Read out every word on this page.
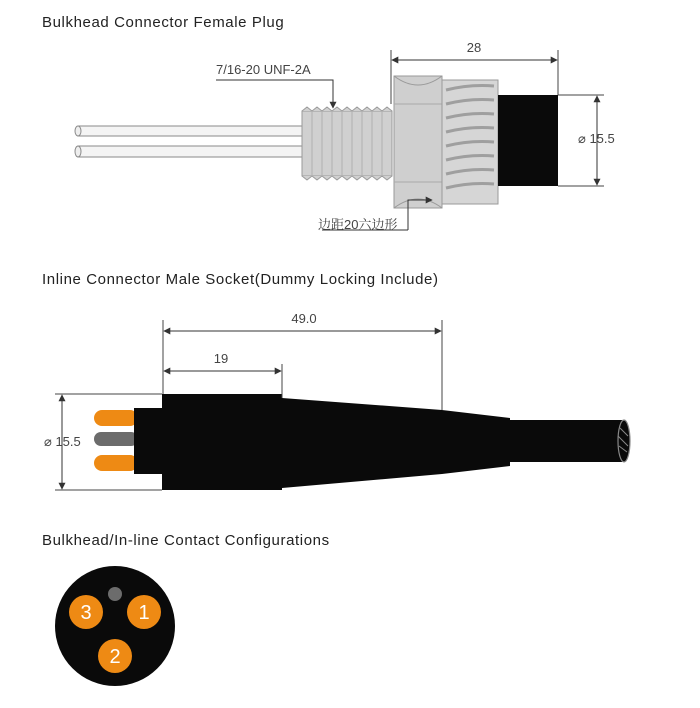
Bulkhead Connector Female Plug
Inline Connector Male Socket(Dummy Locking Include)
Bulkhead/In-line Contact Configurations
7/16-20 UNF-2A
28
⌀ 15.5
边距20六边形
49.0
19
⌀ 15.5
1
2
3
